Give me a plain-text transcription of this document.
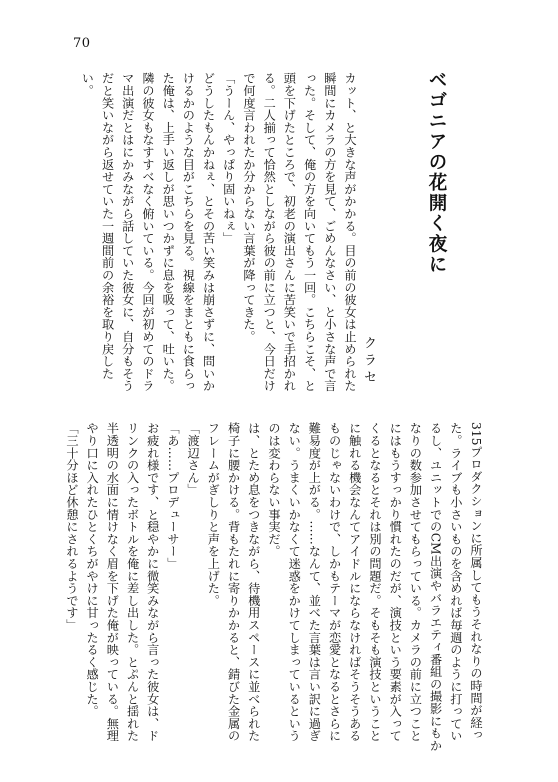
70
ベゴニアの花開く夜に
クラセ

カット、と大きな声がかかる。目の前の彼女は止められた瞬間にカメラの方を見て、ごめんなさい、と小さな声で言った。そして、俺の方を向いてもう一回。こちらこそ、と頭を下げたところで、初老の演出さんに苦笑いで手招かれる。二人揃って恰然としながら彼の前に立つと、今日だけで何度言われたか分からない言葉が降ってきた。

「うーん、やっぱり固いねぇ」

どうしたもんかねぇ、とその苦い笑みは崩さずに、問いかけるかのような目がこちらを見る。視線をまともに食らった俺は、上手い返しが思いつかずに息を吸って、吐いた。隣の彼女もなすすべなく俯いている。今回が初めてのドラマ出演だとはにかみながら話していた彼女に、自分もそうだと笑いながら返せていた一週間前の余裕を取り戻したい。

315プロダクションに所属してもうそれなりの時間が経った。ライブも小さいものを含めれば毎週のように打っているし、ユニットでのCM出演やバラエティ番組の撮影にもかなりの数参加させてもらっている。カメラの前に立つことにはもうすっかり慣れたのだが、演技という要素が入ってくるとなるとそれは別の問題だ。そもそも演技ということに触れる機会なんてアイドルにならなければそうそうあるものじゃないわけで、しかもテーマが恋愛となるとさらに難易度が上がる。……なんて、並べた言葉は言い訳に過ぎない。うまくいかなくて迷惑をかけてしまっているというのは変わらない事実だ。

は、とため息をつきながら、待機用スペースに並べられた椅子に腰かける。背もたれに寄りかかると、錆びた金属のフレームがぎしりと声を上げた。

「渡辺さん」

「あ……プロデューサー」

お疲れ様です、と穏やかに微笑みながら言った彼女は、ドリンクの入ったボトルを俺に差し出した。とぷんと揺れた半透明の水面に情けなく眉を下げた俺が映っている。無理やり口に入れたひとくちがやけに甘ったるく感じた。

「三十分ほど休憩にされるようです」
